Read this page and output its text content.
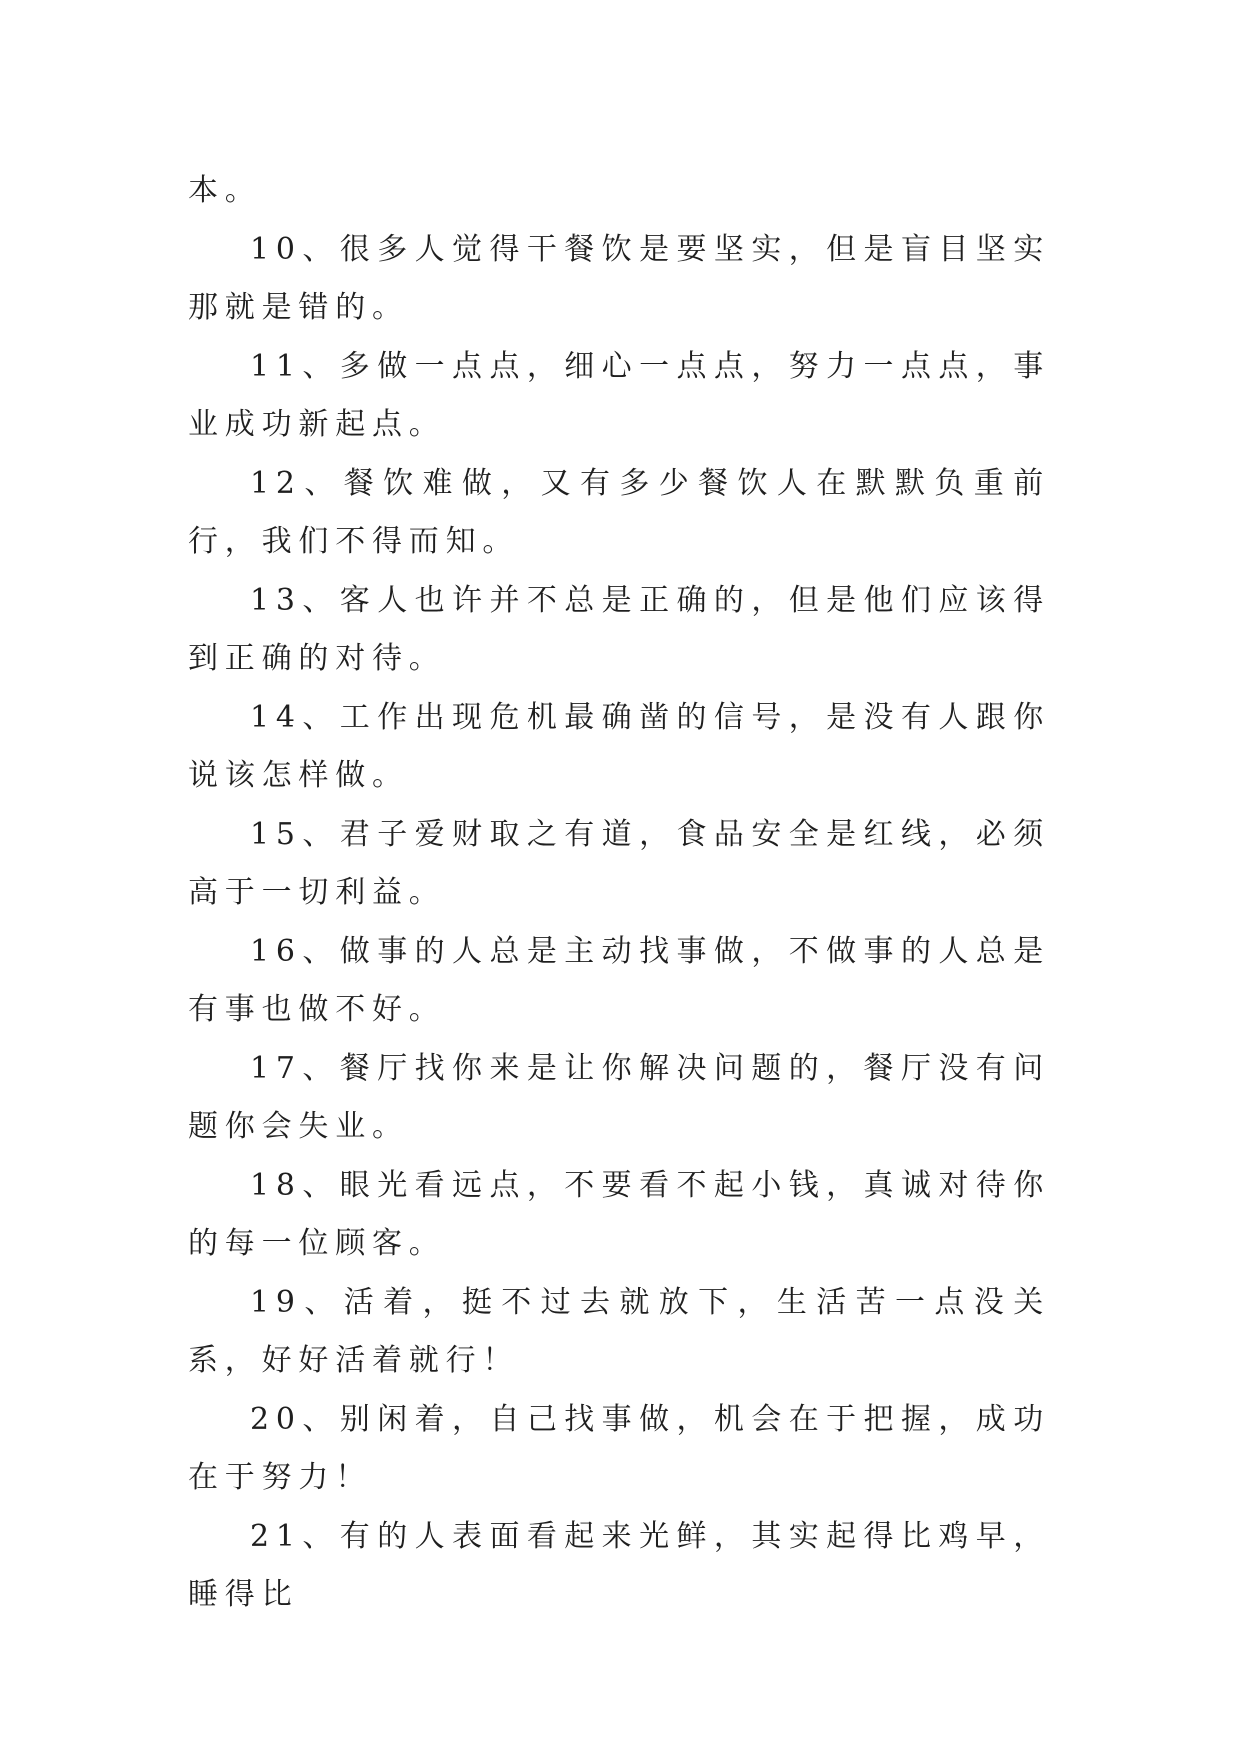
本。

10、很多人觉得干餐饮是要坚实，但是盲目坚实那就是错的。

11、多做一点点，细心一点点，努力一点点，事业成功新起点。

12、餐饮难做，又有多少餐饮人在默默负重前行，我们不得而知。

13、客人也许并不总是正确的，但是他们应该得到正确的对待。

14、工作出现危机最确凿的信号，是没有人跟你说该怎样做。

15、君子爱财取之有道，食品安全是红线，必须高于一切利益。

16、做事的人总是主动找事做，不做事的人总是有事也做不好。

17、餐厅找你来是让你解决问题的，餐厅没有问题你会失业。

18、眼光看远点，不要看不起小钱，真诚对待你的每一位顾客。

19、活着，挺不过去就放下，生活苦一点没关系，好好活着就行！

20、别闲着，自己找事做，机会在于把握，成功在于努力！

21、有的人表面看起来光鲜，其实起得比鸡早，睡得比
